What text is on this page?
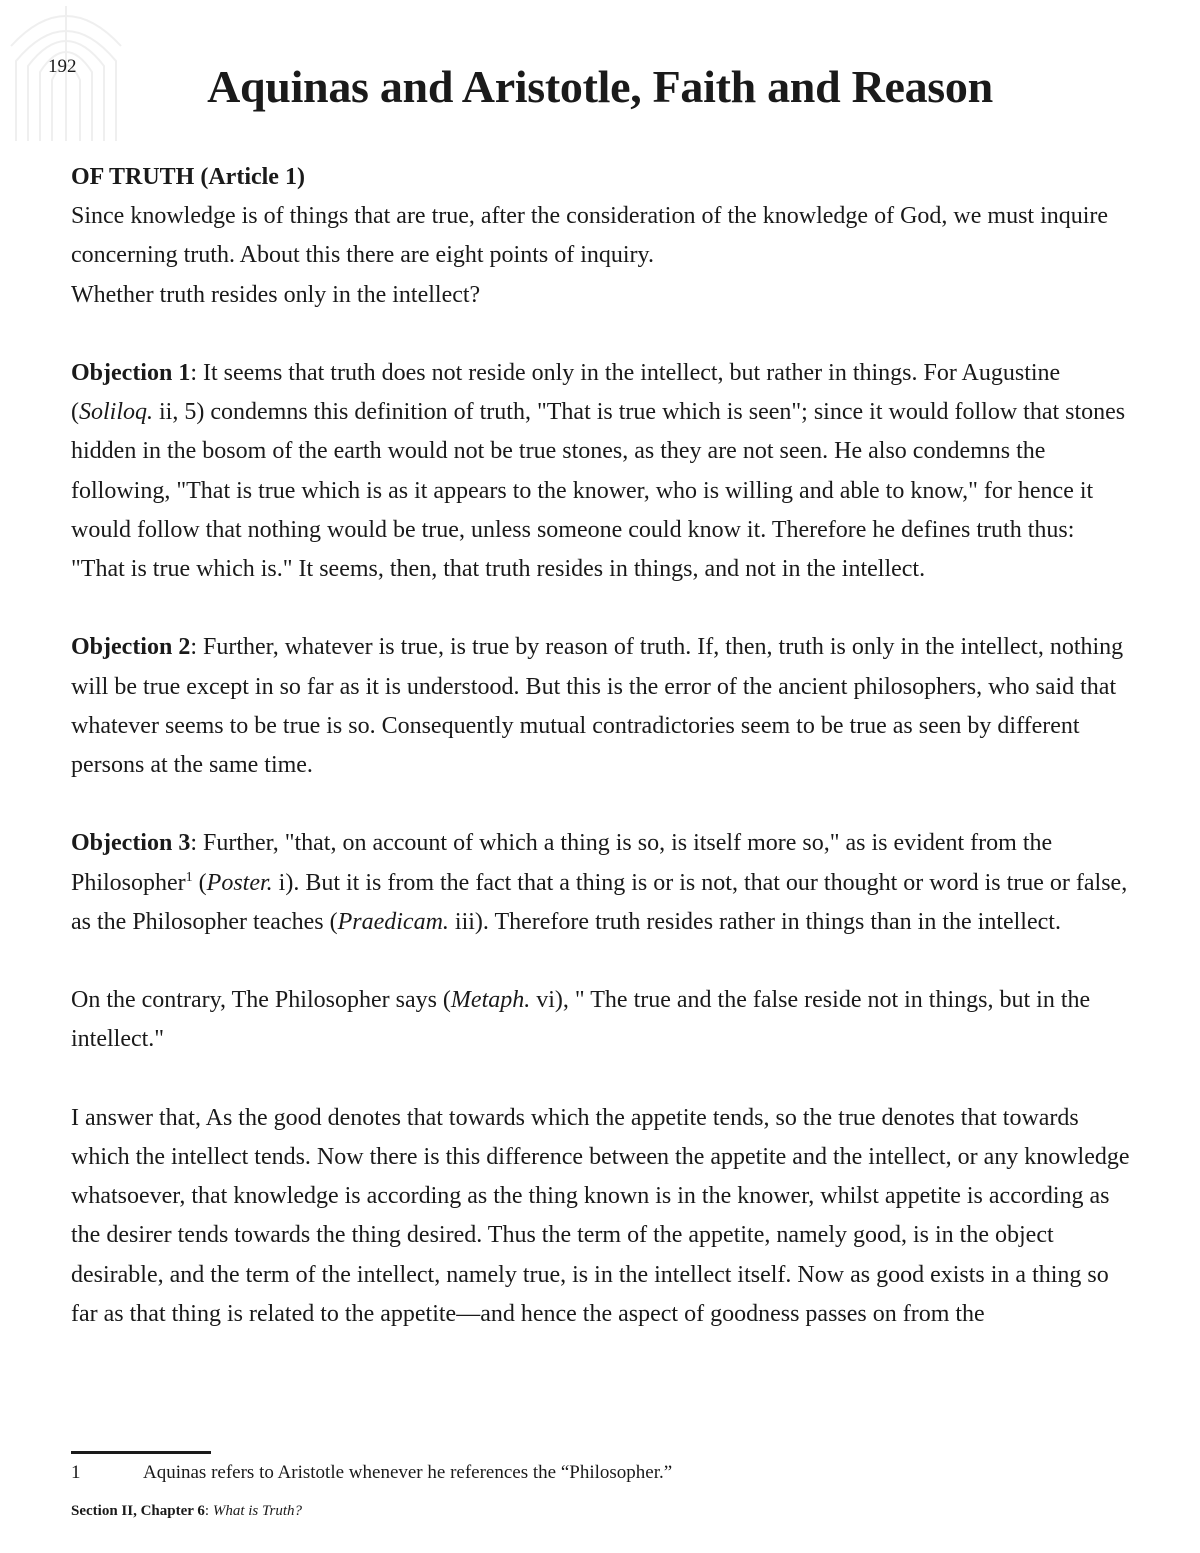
192	Aquinas and Aristotle, Faith and Reason

OF TRUTH (Article 1)
Since knowledge is of things that are true, after the consideration of the knowledge of God, we must inquire concerning truth. About this there are eight points of inquiry.
Whether truth resides only in the intellect?

Objection 1: It seems that truth does not reside only in the intellect, but rather in things. For Augustine (Soliloq. ii, 5) condemns this definition of truth, "That is true which is seen"; since it would follow that stones hidden in the bosom of the earth would not be true stones, as they are not seen. He also condemns the following, "That is true which is as it appears to the knower, who is willing and able to know," for hence it would follow that nothing would be true, unless someone could know it. Therefore he defines truth thus: "That is true which is." It seems, then, that truth resides in things, and not in the intellect.

Objection 2: Further, whatever is true, is true by reason of truth. If, then, truth is only in the intellect, nothing will be true except in so far as it is understood. But this is the error of the ancient philosophers, who said that whatever seems to be true is so. Consequently mutual contradictories seem to be true as seen by different persons at the same time.

Objection 3: Further, "that, on account of which a thing is so, is itself more so," as is evident from the Philosopher$^1$ (Poster. i). But it is from the fact that a thing is or is not, that our thought or word is true or false, as the Philosopher teaches (Praedicam. iii). Therefore truth resides rather in things than in the intellect.

On the contrary, The Philosopher says (Metaph. vi), " The true and the false reside not in things, but in the intellect."

I answer that, As the good denotes that towards which the appetite tends, so the true denotes that towards which the intellect tends. Now there is this difference between the appetite and the intellect, or any knowledge whatsoever, that knowledge is according as the thing known is in the knower, whilst appetite is according as the desirer tends towards the thing desired. Thus the term of the appetite, namely good, is in the object desirable, and the term of the intellect, namely true, is in the intellect itself. Now as good exists in a thing so far as that thing is related to the appetite—and hence the aspect of goodness passes on from the

1	Aquinas refers to Aristotle whenever he references the “Philosopher.”
Section II, Chapter 6: What is Truth?
